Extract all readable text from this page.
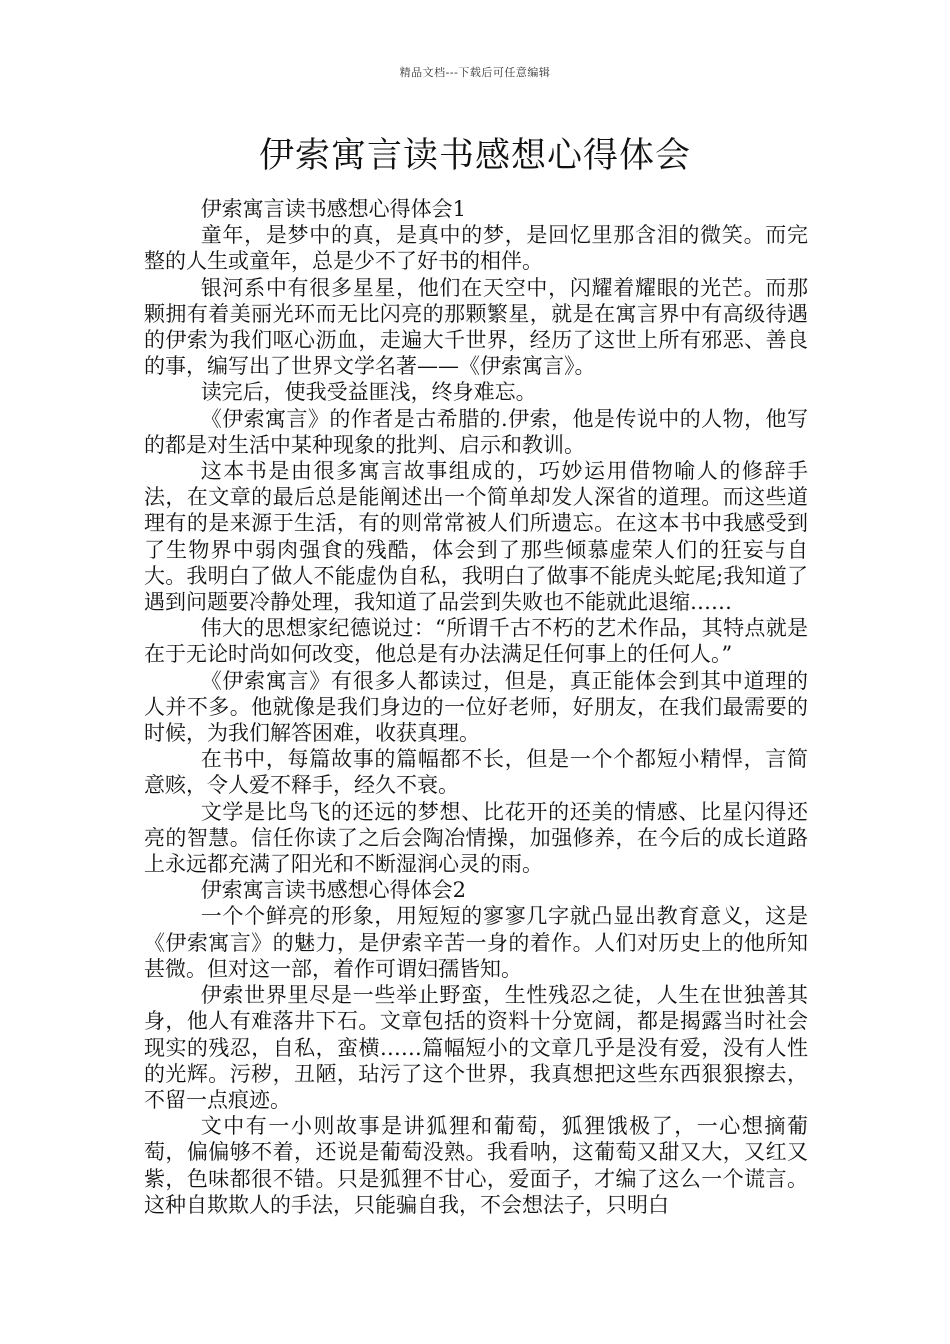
精品文档---下载后可任意编辑
伊索寓言读书感想心得体会

伊索寓言读书感想心得体会1

童年，是梦中的真，是真中的梦，是回忆里那含泪的微笑。而完整的人生或童年，总是少不了好书的相伴。

银河系中有很多星星，他们在天空中，闪耀着耀眼的光芒。而那颗拥有着美丽光环而无比闪亮的那颗繁星，就是在寓言界中有高级待遇的伊索为我们呕心沥血，走遍大千世界，经历了这世上所有邪恶、善良的事，编写出了世界文学名著——《伊索寓言》。

读完后，使我受益匪浅，终身难忘。

《伊索寓言》的作者是古希腊的.伊索，他是传说中的人物，他写的都是对生活中某种现象的批判、启示和教训。

这本书是由很多寓言故事组成的，巧妙运用借物喻人的修辞手法，在文章的最后总是能阐述出一个简单却发人深省的道理。而这些道理有的是来源于生活，有的则常常被人们所遗忘。在这本书中我感受到了生物界中弱肉强食的残酷，体会到了那些倾慕虚荣人们的狂妄与自大。我明白了做人不能虚伪自私，我明白了做事不能虎头蛇尾;我知道了遇到问题要冷静处理，我知道了品尝到失败也不能就此退缩……

伟大的思想家纪德说过：“所谓千古不朽的艺术作品，其特点就是在于无论时尚如何改变，他总是有办法满足任何事上的任何人。”

《伊索寓言》有很多人都读过，但是，真正能体会到其中道理的人并不多。他就像是我们身边的一位好老师，好朋友，在我们最需要的时候，为我们解答困难，收获真理。

在书中，每篇故事的篇幅都不长，但是一个个都短小精悍，言简意赅，令人爱不释手，经久不衰。

文学是比鸟飞的还远的梦想、比花开的还美的情感、比星闪得还亮的智慧。信任你读了之后会陶冶情操，加强修养，在今后的成长道路上永远都充满了阳光和不断湿润心灵的雨。

伊索寓言读书感想心得体会2

一个个鲜亮的形象，用短短的寥寥几字就凸显出教育意义，这是《伊索寓言》的魅力，是伊索辛苦一身的着作。人们对历史上的他所知甚微。但对这一部，着作可谓妇孺皆知。

伊索世界里尽是一些举止野蛮，生性残忍之徒，人生在世独善其身，他人有难落井下石。文章包括的资料十分宽阔，都是揭露当时社会现实的残忍，自私，蛮横……篇幅短小的文章几乎是没有爱，没有人性的光辉。污秽，丑陋，玷污了这个世界，我真想把这些东西狠狠擦去，不留一点痕迹。

文中有一小则故事是讲狐狸和葡萄，狐狸饿极了，一心想摘葡萄，偏偏够不着，还说是葡萄没熟。我看呐，这葡萄又甜又大，又红又紫，色味都很不错。只是狐狸不甘心，爱面子，才编了这么一个谎言。这种自欺欺人的手法，只能骗自我，不会想法子，只明白
